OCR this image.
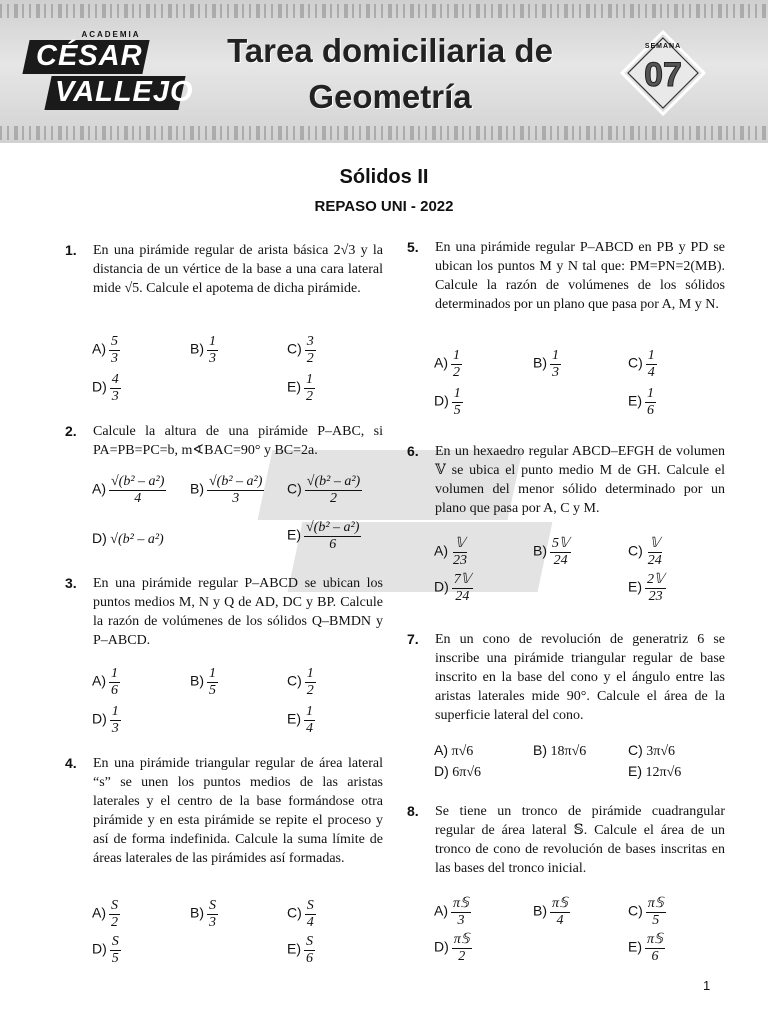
ACADEMIA
CÉSAR
VALLEJO
Tarea domiciliaria de
Geometría
SEMANA
07
Sólidos II
REPASO UNI - 2022
1. En una pirámide regular de arista básica 2√3 y la distancia de un vértice de la base a una cara lateral mide √5. Calcule el apotema de dicha pirámide.
$A) \frac{5}{3}$	$B) \frac{1}{3}$	$C) \frac{3}{2}$
$D) \frac{4}{3}$	$E) \frac{1}{2}$
2. Calcule la altura de una pirámide P–ABC, si PA=PB=PC=b, m∢BAC=90° y BC=2a.
$A) \frac{\text{√(b² – a²)}}{4} B) \frac{\text{√(b² – a²)}}{3} C) \frac{\text{√(b² – a²)}}{2}$
D) √(b² – a²)	$E) \frac{\text{√(b² – a²)}}{6}$
3. En una pirámide regular P–ABCD se ubican los puntos medios M, N y Q de AD, DC y BP. Calcule la razón de volúmenes de los sólidos Q–BMDN y P–ABCD.
$A) \frac{1}{6}$	$B) \frac{1}{5}$	$C) \frac{1}{2}$
$D) \frac{1}{3}$	$E) \frac{1}{4}$
4. En una pirámide triangular regular de área lateral “s” se unen los puntos medios de las aristas laterales y el centro de la base formándose otra pirámide y en esta pirámide se repite el proceso y así de forma indefinida. Calcule la suma límite de áreas laterales de las pirámides así formadas.
$A) \frac{S}{2}$	$B) \frac{S}{3}$	$C) \frac{S}{4}$
$D) \frac{S}{5}$	$E) \frac{S}{6}$
5. En una pirámide regular P–ABCD en PB y PD se ubican los puntos M y N tal que: PM=PN=2(MB). Calcule la razón de volúmenes de los sólidos determinados por un plano que pasa por A, M y N.
$A) \frac{1}{2}$	$B) \frac{1}{3}$	$C) \frac{1}{4}$
$D) \frac{1}{5}$	$E) \frac{1}{6}$
6. En un hexaedro regular ABCD–EFGH de volumen 𝕍 se ubica el punto medio M de GH. Calcule el volumen del menor sólido determinado por un plano que pasa por A, C y M.
$A) \frac{\text{𝕍}}{23}$	$B) \frac{\text{5𝕍}}{24}$	$C) \frac{\text{𝕍}}{24}$
$D) \frac{\text{7𝕍}}{24}$	$E) \frac{\text{2𝕍}}{23}$
7. En un cono de revolución de generatriz 6 se inscribe una pirámide triangular regular de base inscrito en la base del cono y el ángulo entre las aristas laterales mide 90°. Calcule el área de la superficie lateral del cono.
A) π√6	B) 18π√6	C) 3π√6
D) 6π√6	E) 12π√6
8. Se tiene un tronco de pirámide cuadrangular regular de área lateral 𝕊. Calcule el área de un tronco de cono de revolución de bases inscritas en las bases del tronco inicial.
$A) \frac{\text{π𝕊}}{3}$	$B) \frac{\text{π𝕊}}{4}$	$C) \frac{\text{π𝕊}}{5}$
$D) \frac{\text{π𝕊}}{2}$	$E) \frac{\text{π𝕊}}{6}$
1
